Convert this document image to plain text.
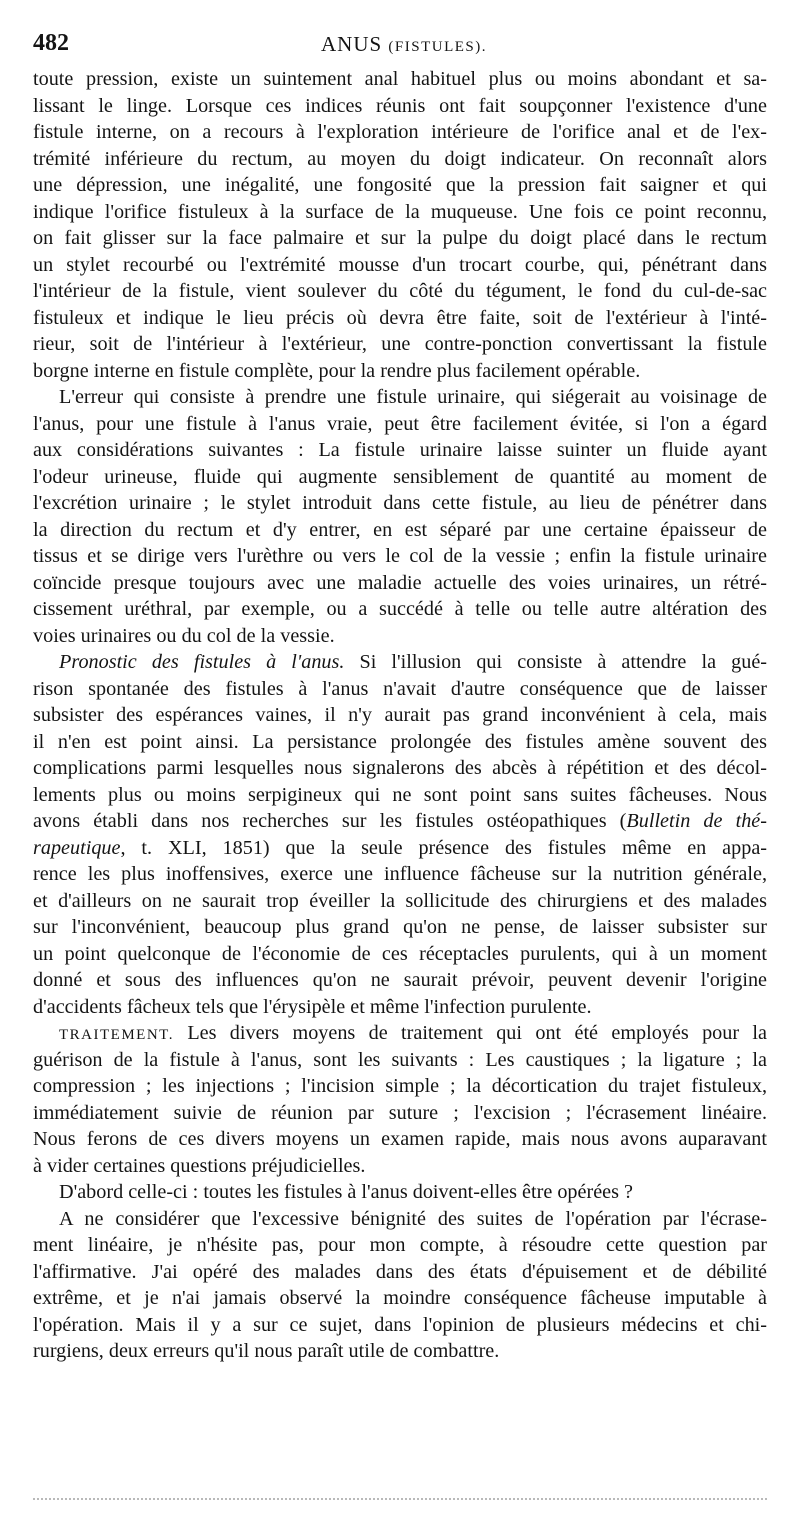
482	ANUS (FISTULES).
toute pression, existe un suintement anal habituel plus ou moins abondant et sa-
lissant le linge. Lorsque ces indices réunis ont fait soupçonner l'existence d'une
fistule interne, on a recours à l'exploration intérieure de l'orifice anal et de l'ex-
trémité inférieure du rectum, au moyen du doigt indicateur. On reconnaît alors
une dépression, une inégalité, une fongosité que la pression fait saigner et qui
indique l'orifice fistuleux à la surface de la muqueuse. Une fois ce point reconnu,
on fait glisser sur la face palmaire et sur la pulpe du doigt placé dans le rectum
un stylet recourbé ou l'extrémité mousse d'un trocart courbe, qui, pénétrant dans
l'intérieur de la fistule, vient soulever du côté du tégument, le fond du cul-de-sac
fistuleux et indique le lieu précis où devra être faite, soit de l'extérieur à l'inté-
rieur, soit de l'intérieur à l'extérieur, une contre-ponction convertissant la fistule
borgne interne en fistule complète, pour la rendre plus facilement opérable.
L'erreur qui consiste à prendre une fistule urinaire, qui siégerait au voisinage de
l'anus, pour une fistule à l'anus vraie, peut être facilement évitée, si l'on a égard
aux considérations suivantes : La fistule urinaire laisse suinter un fluide ayant
l'odeur urineuse, fluide qui augmente sensiblement de quantité au moment de
l'excrétion urinaire ; le stylet introduit dans cette fistule, au lieu de pénétrer dans
la direction du rectum et d'y entrer, en est séparé par une certaine épaisseur de
tissus et se dirige vers l'urèthre ou vers le col de la vessie ; enfin la fistule urinaire
coïncide presque toujours avec une maladie actuelle des voies urinaires, un rétré-
cissement uréthral, par exemple, ou a succédé à telle ou telle autre altération des
voies urinaires ou du col de la vessie.
Pronostic des fistules à l'anus. Si l'illusion qui consiste à attendre la gué-
rison spontanée des fistules à l'anus n'avait d'autre conséquence que de laisser
subsister des espérances vaines, il n'y aurait pas grand inconvénient à cela, mais
il n'en est point ainsi. La persistance prolongée des fistules amène souvent des
complications parmi lesquelles nous signalerons des abcès à répétition et des décol-
lements plus ou moins serpigineux qui ne sont point sans suites fâcheuses. Nous
avons établi dans nos recherches sur les fistules ostéopathiques (Bulletin de thé-
rapeutique, t. XLI, 1851) que la seule présence des fistules même en appa-
rence les plus inoffensives, exerce une influence fâcheuse sur la nutrition générale,
et d'ailleurs on ne saurait trop éveiller la sollicitude des chirurgiens et des malades
sur l'inconvénient, beaucoup plus grand qu'on ne pense, de laisser subsister sur
un point quelconque de l'économie de ces réceptacles purulents, qui à un moment
donné et sous des influences qu'on ne saurait prévoir, peuvent devenir l'origine
d'accidents fâcheux tels que l'érysipèle et même l'infection purulente.
TRAITEMENT. Les divers moyens de traitement qui ont été employés pour la
guérison de la fistule à l'anus, sont les suivants : Les caustiques ; la ligature ; la
compression ; les injections ; l'incision simple ; la décortication du trajet fistuleux,
immédiatement suivie de réunion par suture ; l'excision ; l'écrasement linéaire.
Nous ferons de ces divers moyens un examen rapide, mais nous avons auparavant
à vider certaines questions préjudicielles.
D'abord celle-ci : toutes les fistules à l'anus doivent-elles être opérées ?
A ne considérer que l'excessive bénignité des suites de l'opération par l'écrase-
ment linéaire, je n'hésite pas, pour mon compte, à résoudre cette question par
l'affirmative. J'ai opéré des malades dans des états d'épuisement et de débilité
extrême, et je n'ai jamais observé la moindre conséquence fâcheuse imputable à
l'opération. Mais il y a sur ce sujet, dans l'opinion de plusieurs médecins et chi-
rurgiens, deux erreurs qu'il nous paraît utile de combattre.
